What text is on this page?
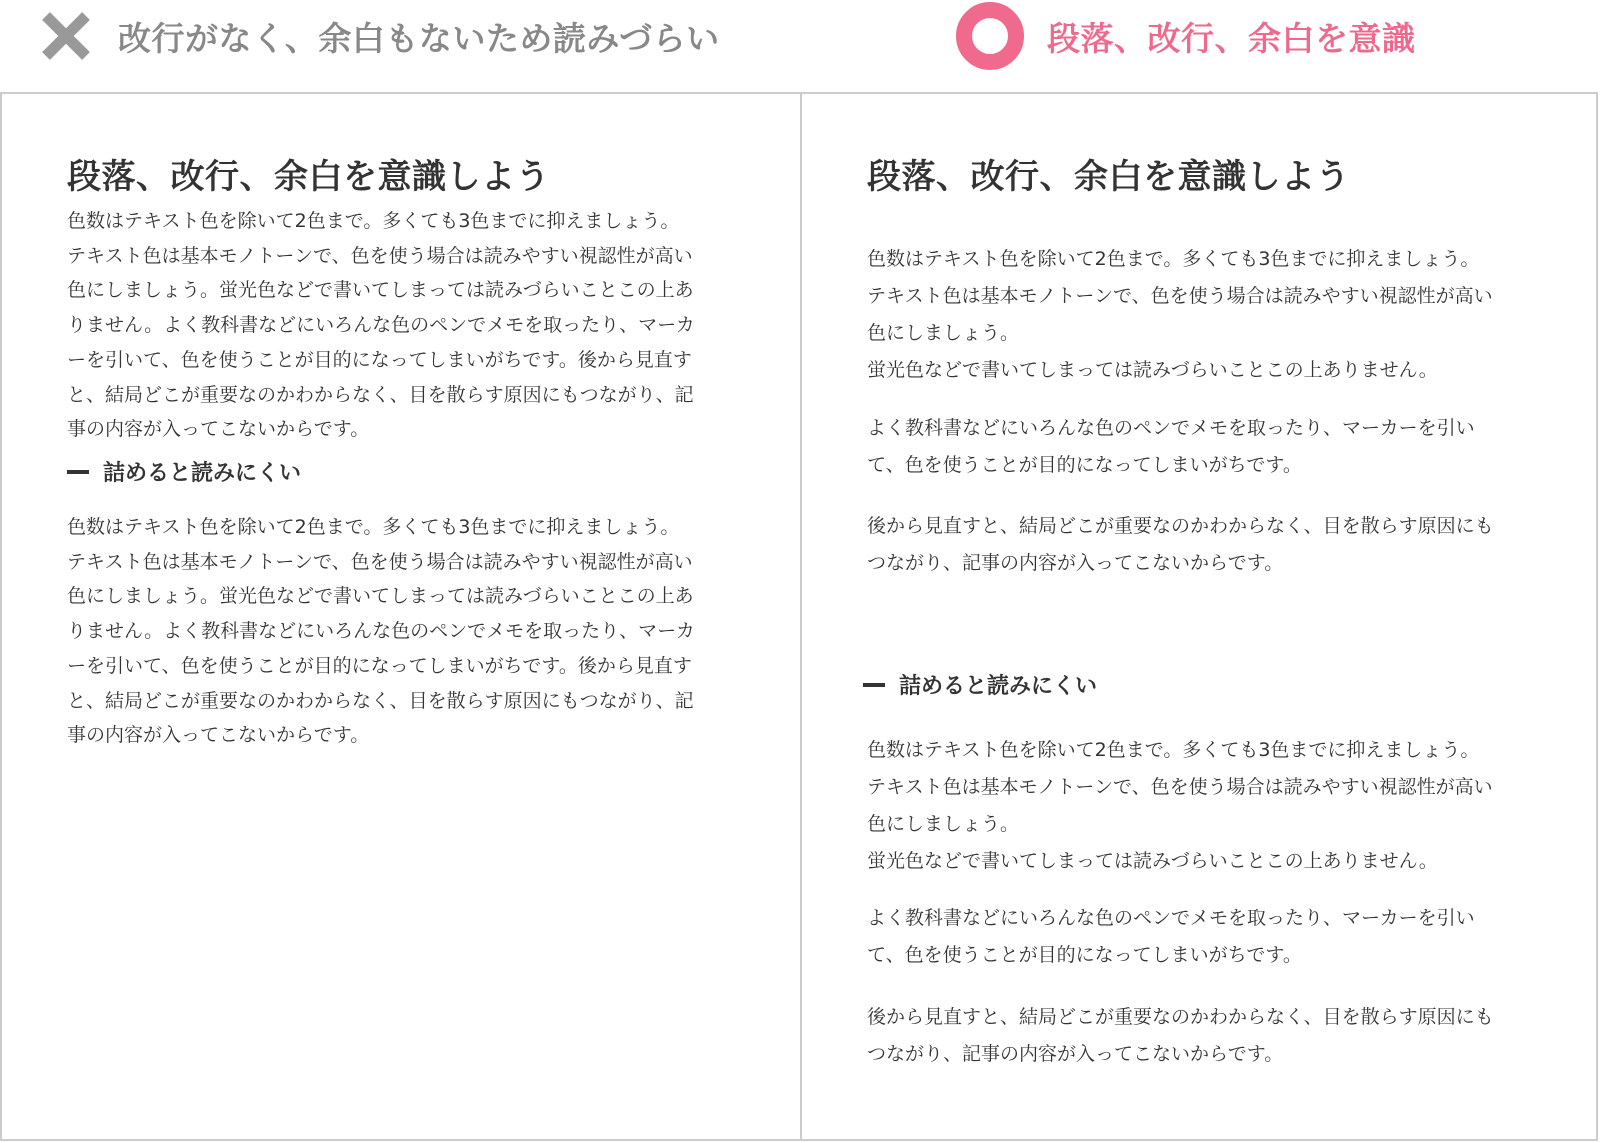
改行がなく、余白もないため読みづらい	段落、改行、余白を意識
段落、改行、余白を意識しよう
色数はテキスト色を除いて2色まで。多くても3色までに抑えましょう。
テキスト色は基本モノトーンで、色を使う場合は読みやすい視認性が高い
色にしましょう。蛍光色などで書いてしまっては読みづらいことこの上あ
りません。よく教科書などにいろんな色のペンでメモを取ったり、マーカ
ーを引いて、色を使うことが目的になってしまいがちです。後から見直す
と、結局どこが重要なのかわからなく、目を散らす原因にもつながり、記
事の内容が入ってこないからです。
詰めると読みにくい
色数はテキスト色を除いて2色まで。多くても3色までに抑えましょう。
テキスト色は基本モノトーンで、色を使う場合は読みやすい視認性が高い
色にしましょう。蛍光色などで書いてしまっては読みづらいことこの上あ
りません。よく教科書などにいろんな色のペンでメモを取ったり、マーカ
ーを引いて、色を使うことが目的になってしまいがちです。後から見直す
と、結局どこが重要なのかわからなく、目を散らす原因にもつながり、記
事の内容が入ってこないからです。
段落、改行、余白を意識しよう

色数はテキスト色を除いて2色まで。多くても3色までに抑えましょう。

テキスト色は基本モノトーンで、色を使う場合は読みやすい視認性が高い

色にしましょう。

蛍光色などで書いてしまっては読みづらいことこの上ありません。

よく教科書などにいろんな色のペンでメモを取ったり、マーカーを引い

て、色を使うことが目的になってしまいがちです。

後から見直すと、結局どこが重要なのかわからなく、目を散らす原因にも

つながり、記事の内容が入ってこないからです。

詰めると読みにくい

色数はテキスト色を除いて2色まで。多くても3色までに抑えましょう。

テキスト色は基本モノトーンで、色を使う場合は読みやすい視認性が高い

色にしましょう。

蛍光色などで書いてしまっては読みづらいことこの上ありません。

よく教科書などにいろんな色のペンでメモを取ったり、マーカーを引い

て、色を使うことが目的になってしまいがちです。

後から見直すと、結局どこが重要なのかわからなく、目を散らす原因にも

つながり、記事の内容が入ってこないからです。
